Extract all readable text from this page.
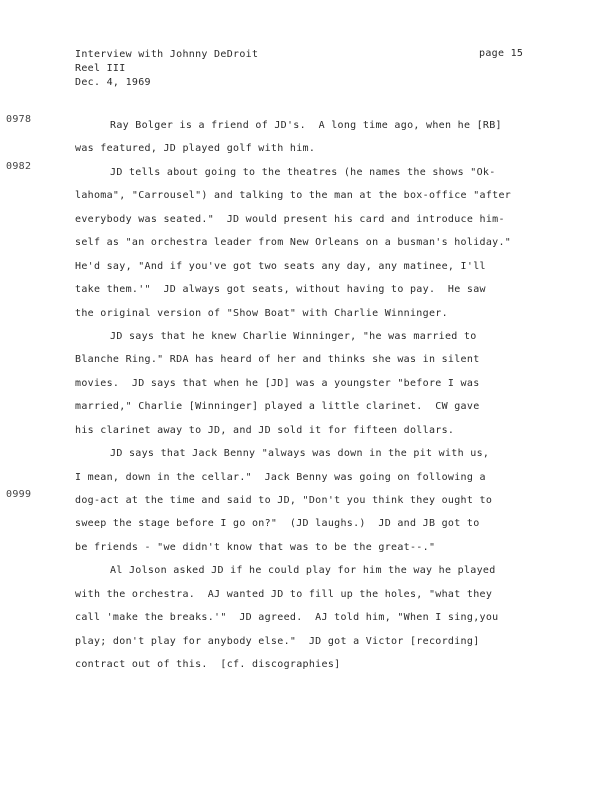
Interview with Johnny DeDroit
Reel III
Dec. 4, 1969
page 15
0978
0982
0999
Ray Bolger is a friend of JD's.  A long time ago, when he [RB]
was featured, JD played golf with him.
JD tells about going to the theatres (he names the shows "Ok-
lahoma", "Carrousel") and talking to the man at the box-office "after
everybody was seated."  JD would present his card and introduce him-
self as "an orchestra leader from New Orleans on a busman's holiday."
He'd say, "And if you've got two seats any day, any matinee, I'll
take them.'"  JD always got seats, without having to pay.  He saw
the original version of "Show Boat" with Charlie Winninger.
JD says that he knew Charlie Winninger, "he was married to
Blanche Ring." RDA has heard of her and thinks she was in silent
movies.  JD says that when he [JD] was a youngster "before I was
married," Charlie [Winninger] played a little clarinet.  CW gave
his clarinet away to JD, and JD sold it for fifteen dollars.
JD says that Jack Benny "always was down in the pit with us,
I mean, down in the cellar."  Jack Benny was going on following a
dog-act at the time and said to JD, "Don't you think they ought to
sweep the stage before I go on?"  (JD laughs.)  JD and JB got to
be friends - "we didn't know that was to be the great--."
Al Jolson asked JD if he could play for him the way he played
with the orchestra.  AJ wanted JD to fill up the holes, "what they
call 'make the breaks.'"  JD agreed.  AJ told him, "When I sing,you
play; don't play for anybody else."  JD got a Victor [recording]
contract out of this.  [cf. discographies]
